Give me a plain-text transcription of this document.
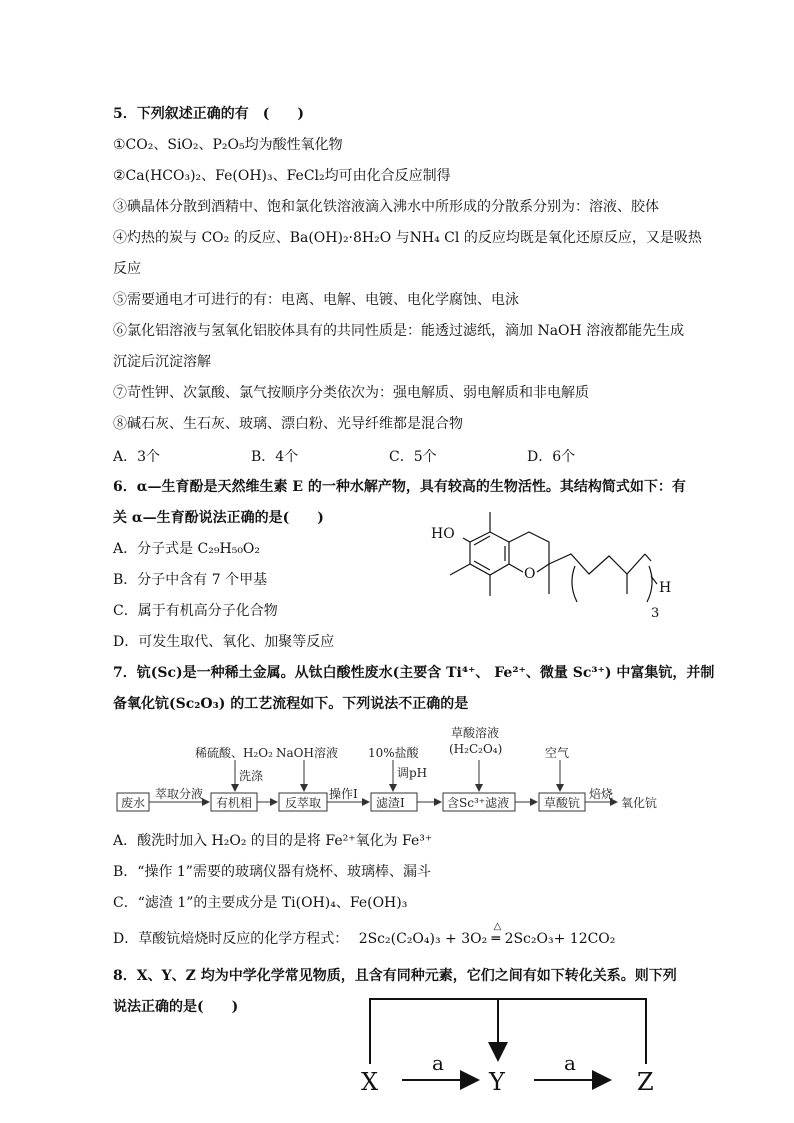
5．下列叙述正确的有　(　　)
①CO₂、SiO₂、P₂O₅均为酸性氧化物
②Ca(HCO₃)₂、Fe(OH)₃、FeCl₂均可由化合反应制得
③碘晶体分散到酒精中、饱和氯化铁溶液滴入沸水中所形成的分散系分别为：溶液、胶体
④灼热的炭与 CO₂ 的反应、Ba(OH)₂·8H₂O 与NH₄ Cl 的反应均既是氧化还原反应，又是吸热
反应
⑤需要通电才可进行的有：电离、电解、电镀、电化学腐蚀、电泳
⑥氯化铝溶液与氢氧化铝胶体具有的共同性质是：能透过滤纸，滴加 NaOH 溶液都能先生成
沉淀后沉淀溶解
⑦苛性钾、次氯酸、氯气按顺序分类依次为：强电解质、弱电解质和非电解质
⑧碱石灰、生石灰、玻璃、漂白粉、光导纤维都是混合物
A．3个	B．4个	C．5个	D．6个
6．α—生育酚是天然维生素 E 的一种水解产物，具有较高的生物活性。其结构简式如下：有
关 α—生育酚说法正确的是(　　)
A．分子式是 C₂₉H₅₀O₂
B．分子中含有 7 个甲基
C．属于有机高分子化合物
D．可发生取代、氧化、加聚等反应
HO
O
H
3
7．钪(Sc)是一种稀土金属。从钛白酸性废水(主要含 Ti⁴⁺、 Fe²⁺、微量 Sc³⁺) 中富集钪，并制
备氧化钪(Sc₂O₃) 的工艺流程如下。下列说法不正确的是
废水	有机相	反萃取	滤渣Ⅰ	含Sc³⁺滤液	草酸钪	氧化钪
萃取分液	操作Ⅰ	焙烧
稀硫酸、H₂O₂ NaOH溶液	10%盐酸
草酸溶液
(H₂C₂O₄)	空气
洗涤	调pH
A．酸洗时加入 H₂O₂ 的目的是将 Fe²⁺氧化为 Fe³⁺
B．“操作 1”需要的玻璃仪器有烧杯、玻璃棒、漏斗
C．“滤渣 1”的主要成分是 Ti(OH)₄、Fe(OH)₃
D．草酸钪焙烧时反应的化学方程式： 2Sc₂(C₂O₄)₃ + 3O₂
△
═ 2Sc₂O₃+ 12CO₂
8．X、Y、Z 均为中学化学常见物质，且含有同种元素，它们之间有如下转化关系。则下列
说法正确的是(　　)
X	Y	Z
a	a
